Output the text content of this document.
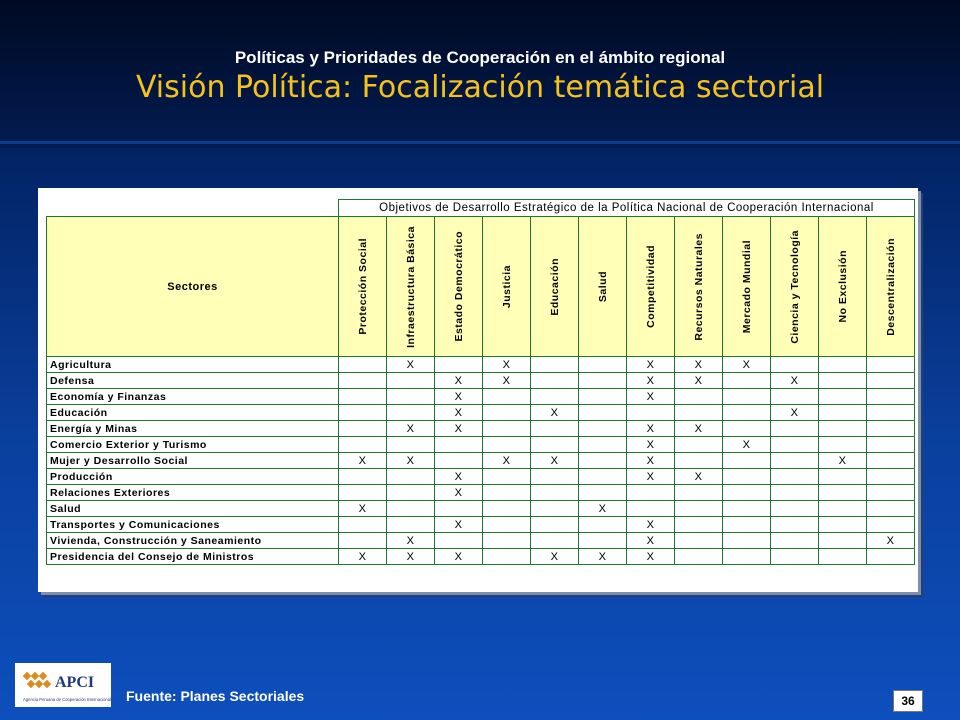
Políticas y Prioridades de Cooperación en el ámbito regional
Visión Política: Focalización temática sectorial
	Objetivos de Desarrollo Estratégico de la Política Nacional de Cooperación Internacional											
Sectores	Protección Social	Infraestructura Básica	Estado Democrático	Justicia	Educación	Salud	Competitividad	Recursos Naturales	Mercado Mundial	Ciencia y Tecnología	No Exclusión	Descentralización

Agricultura		X		X			X	X	X			
Defensa			X	X			X	X		X		
Economía y Finanzas			X				X					
Educación			X		X					X		
Energía y Minas		X	X				X	X				
Comercio Exterior y Turismo							X		X			
Mujer y Desarrollo Social	X	X		X	X		X				X	
Producción			X				X	X				
Relaciones Exteriores			X									
Salud	X					X						
Transportes y Comunicaciones			X				X					
Vivienda, Construcción y Saneamiento		X					X					X
Presidencia del Consejo de Ministros	X	X	X		X	X	X					
APCI
Agencia Peruana de Cooperación Internacional Fuente: Planes Sectoriales	36
